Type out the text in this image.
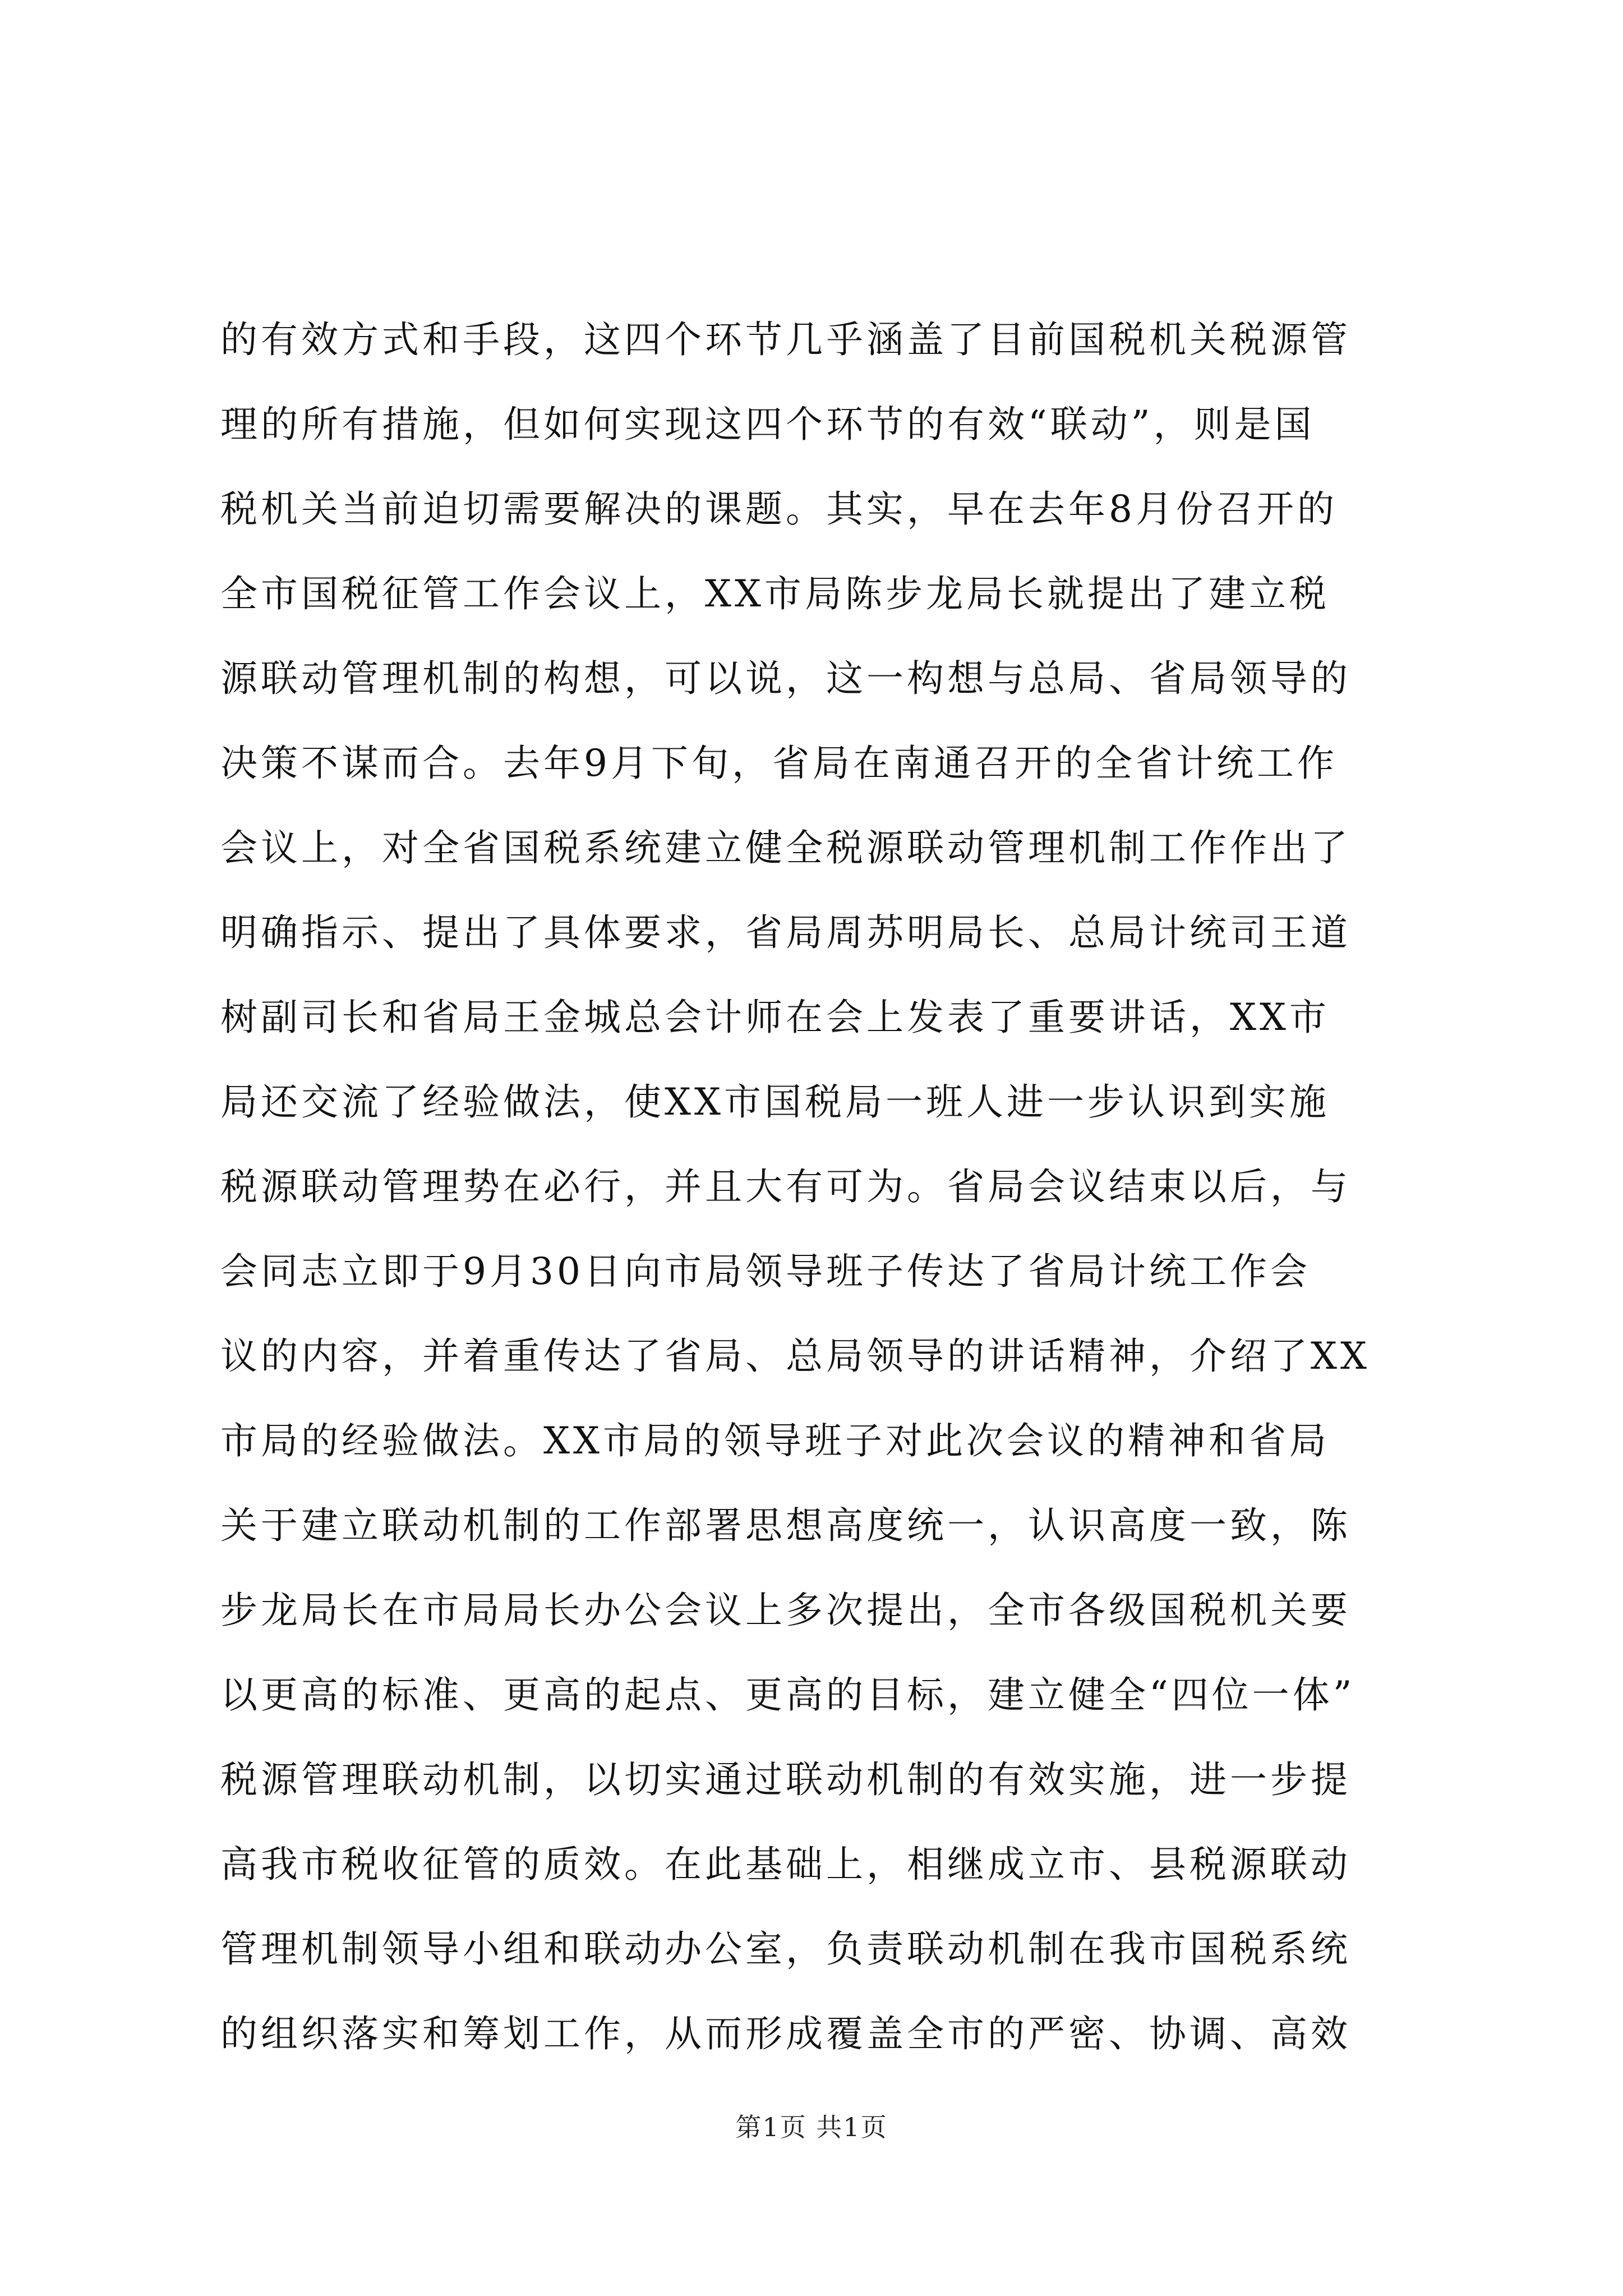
的有效方式和手段，这四个环节几乎涵盖了目前国税机关税源管
理的所有措施，但如何实现这四个环节的有效“联动”，则是国
税机关当前迫切需要解决的课题。其实，早在去年8月份召开的
全市国税征管工作会议上，XX市局陈步龙局长就提出了建立税
源联动管理机制的构想，可以说，这一构想与总局、省局领导的
决策不谋而合。去年9月下旬，省局在南通召开的全省计统工作
会议上，对全省国税系统建立健全税源联动管理机制工作作出了
明确指示、提出了具体要求，省局周苏明局长、总局计统司王道
树副司长和省局王金城总会计师在会上发表了重要讲话，XX市
局还交流了经验做法，使XX市国税局一班人进一步认识到实施
税源联动管理势在必行，并且大有可为。省局会议结束以后，与
会同志立即于9月30日向市局领导班子传达了省局计统工作会
议的内容，并着重传达了省局、总局领导的讲话精神，介绍了XX
市局的经验做法。XX市局的领导班子对此次会议的精神和省局
关于建立联动机制的工作部署思想高度统一，认识高度一致，陈
步龙局长在市局局长办公会议上多次提出，全市各级国税机关要
以更高的标准、更高的起点、更高的目标，建立健全“四位一体”
税源管理联动机制，以切实通过联动机制的有效实施，进一步提
高我市税收征管的质效。在此基础上，相继成立市、县税源联动
管理机制领导小组和联动办公室，负责联动机制在我市国税系统
的组织落实和筹划工作，从而形成覆盖全市的严密、协调、高效
第1页 共1页
